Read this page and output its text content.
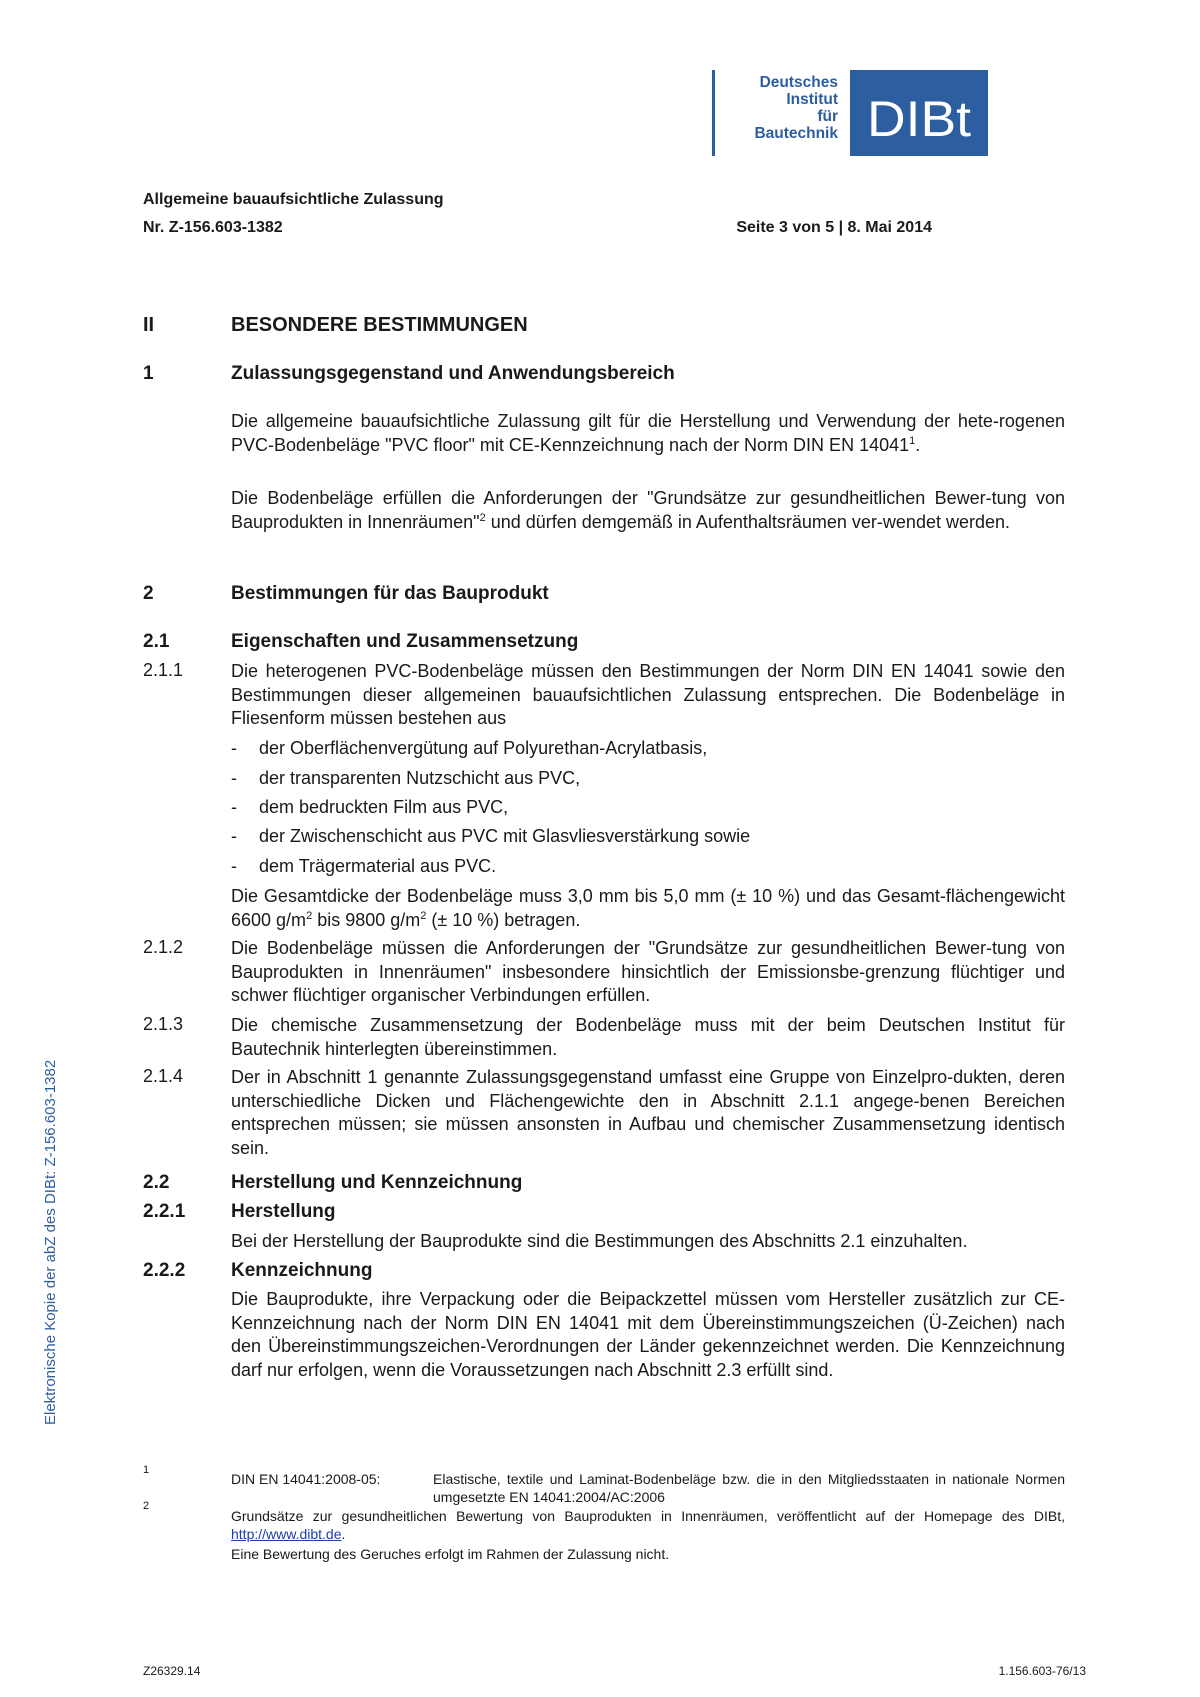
Deutsches
Institut
für
Bautechnik DIBt
Allgemeine bauaufsichtliche Zulassung
Nr. Z-156.603-1382	Seite 3 von 5 | 8. Mai 2014
II	BESONDERE BESTIMMUNGEN
1	Zulassungsgegenstand und Anwendungsbereich
Die allgemeine bauaufsichtliche Zulassung gilt für die Herstellung und Verwendung der hete-rogenen PVC-Bodenbeläge "PVC floor" mit CE-Kennzeichnung nach der Norm DIN EN 14041$^1$.
Die Bodenbeläge erfüllen die Anforderungen der "Grundsätze zur gesundheitlichen Bewer-tung von Bauprodukten in Innenräumen"$^2$ und dürfen demgemäß in Aufenthaltsräumen ver-wendet werden.
2	Bestimmungen für das Bauprodukt
2.1	Eigenschaften und Zusammensetzung
2.1.1	Die heterogenen PVC-Bodenbeläge müssen den Bestimmungen der Norm DIN EN 14041 sowie den Bestimmungen dieser allgemeinen bauaufsichtlichen Zulassung entsprechen. Die Bodenbeläge in Fliesenform müssen bestehen aus
- der Oberflächenvergütung auf Polyurethan-Acrylatbasis,
- der transparenten Nutzschicht aus PVC,
- dem bedruckten Film aus PVC,
- der Zwischenschicht aus PVC mit Glasvliesverstärkung sowie
- dem Trägermaterial aus PVC.
Die Gesamtdicke der Bodenbeläge muss 3,0 mm bis 5,0 mm (± 10 %) und das Gesamt-flächengewicht 6600 $g/m^2$ bis 9800 $g/m^2$ (± 10 %) betragen.
2.1.2	Die Bodenbeläge müssen die Anforderungen der "Grundsätze zur gesundheitlichen Bewer-tung von Bauprodukten in Innenräumen" insbesondere hinsichtlich der Emissionsbe-grenzung flüchtiger und schwer flüchtiger organischer Verbindungen erfüllen.
2.1.3	Die chemische Zusammensetzung der Bodenbeläge muss mit der beim Deutschen Institut für Bautechnik hinterlegten übereinstimmen.
2.1.4	Der in Abschnitt 1 genannte Zulassungsgegenstand umfasst eine Gruppe von Einzelpro-dukten, deren unterschiedliche Dicken und Flächengewichte den in Abschnitt 2.1.1 angege-benen Bereichen entsprechen müssen; sie müssen ansonsten in Aufbau und chemischer Zusammensetzung identisch sein.
2.2	Herstellung und Kennzeichnung
2.2.1 Herstellung
Bei der Herstellung der Bauprodukte sind die Bestimmungen des Abschnitts 2.1 einzuhalten.
2.2.2 Kennzeichnung
Die Bauprodukte, ihre Verpackung oder die Beipackzettel müssen vom Hersteller zusätzlich zur CE-Kennzeichnung nach der Norm DIN EN 14041 mit dem Übereinstimmungszeichen (Ü-Zeichen) nach den Übereinstimmungszeichen-Verordnungen der Länder gekennzeichnet werden. Die Kennzeichnung darf nur erfolgen, wenn die Voraussetzungen nach Abschnitt 2.3 erfüllt sind.
1
DIN EN 14041:2008-05:	Elastische, textile und Laminat-Bodenbeläge bzw. die in den Mitgliedsstaaten in nationale Normen umgesetzte EN 14041:2004/AC:2006
2
Grundsätze zur gesundheitlichen Bewertung von Bauprodukten in Innenräumen, veröffentlicht auf der Homepage des DIBt, http://www.dibt.de.
Eine Bewertung des Geruches erfolgt im Rahmen der Zulassung nicht.
Elektronische Kopie der abZ des DIBt: Z-156.603-1382
Z26329.14	1.156.603-76/13
